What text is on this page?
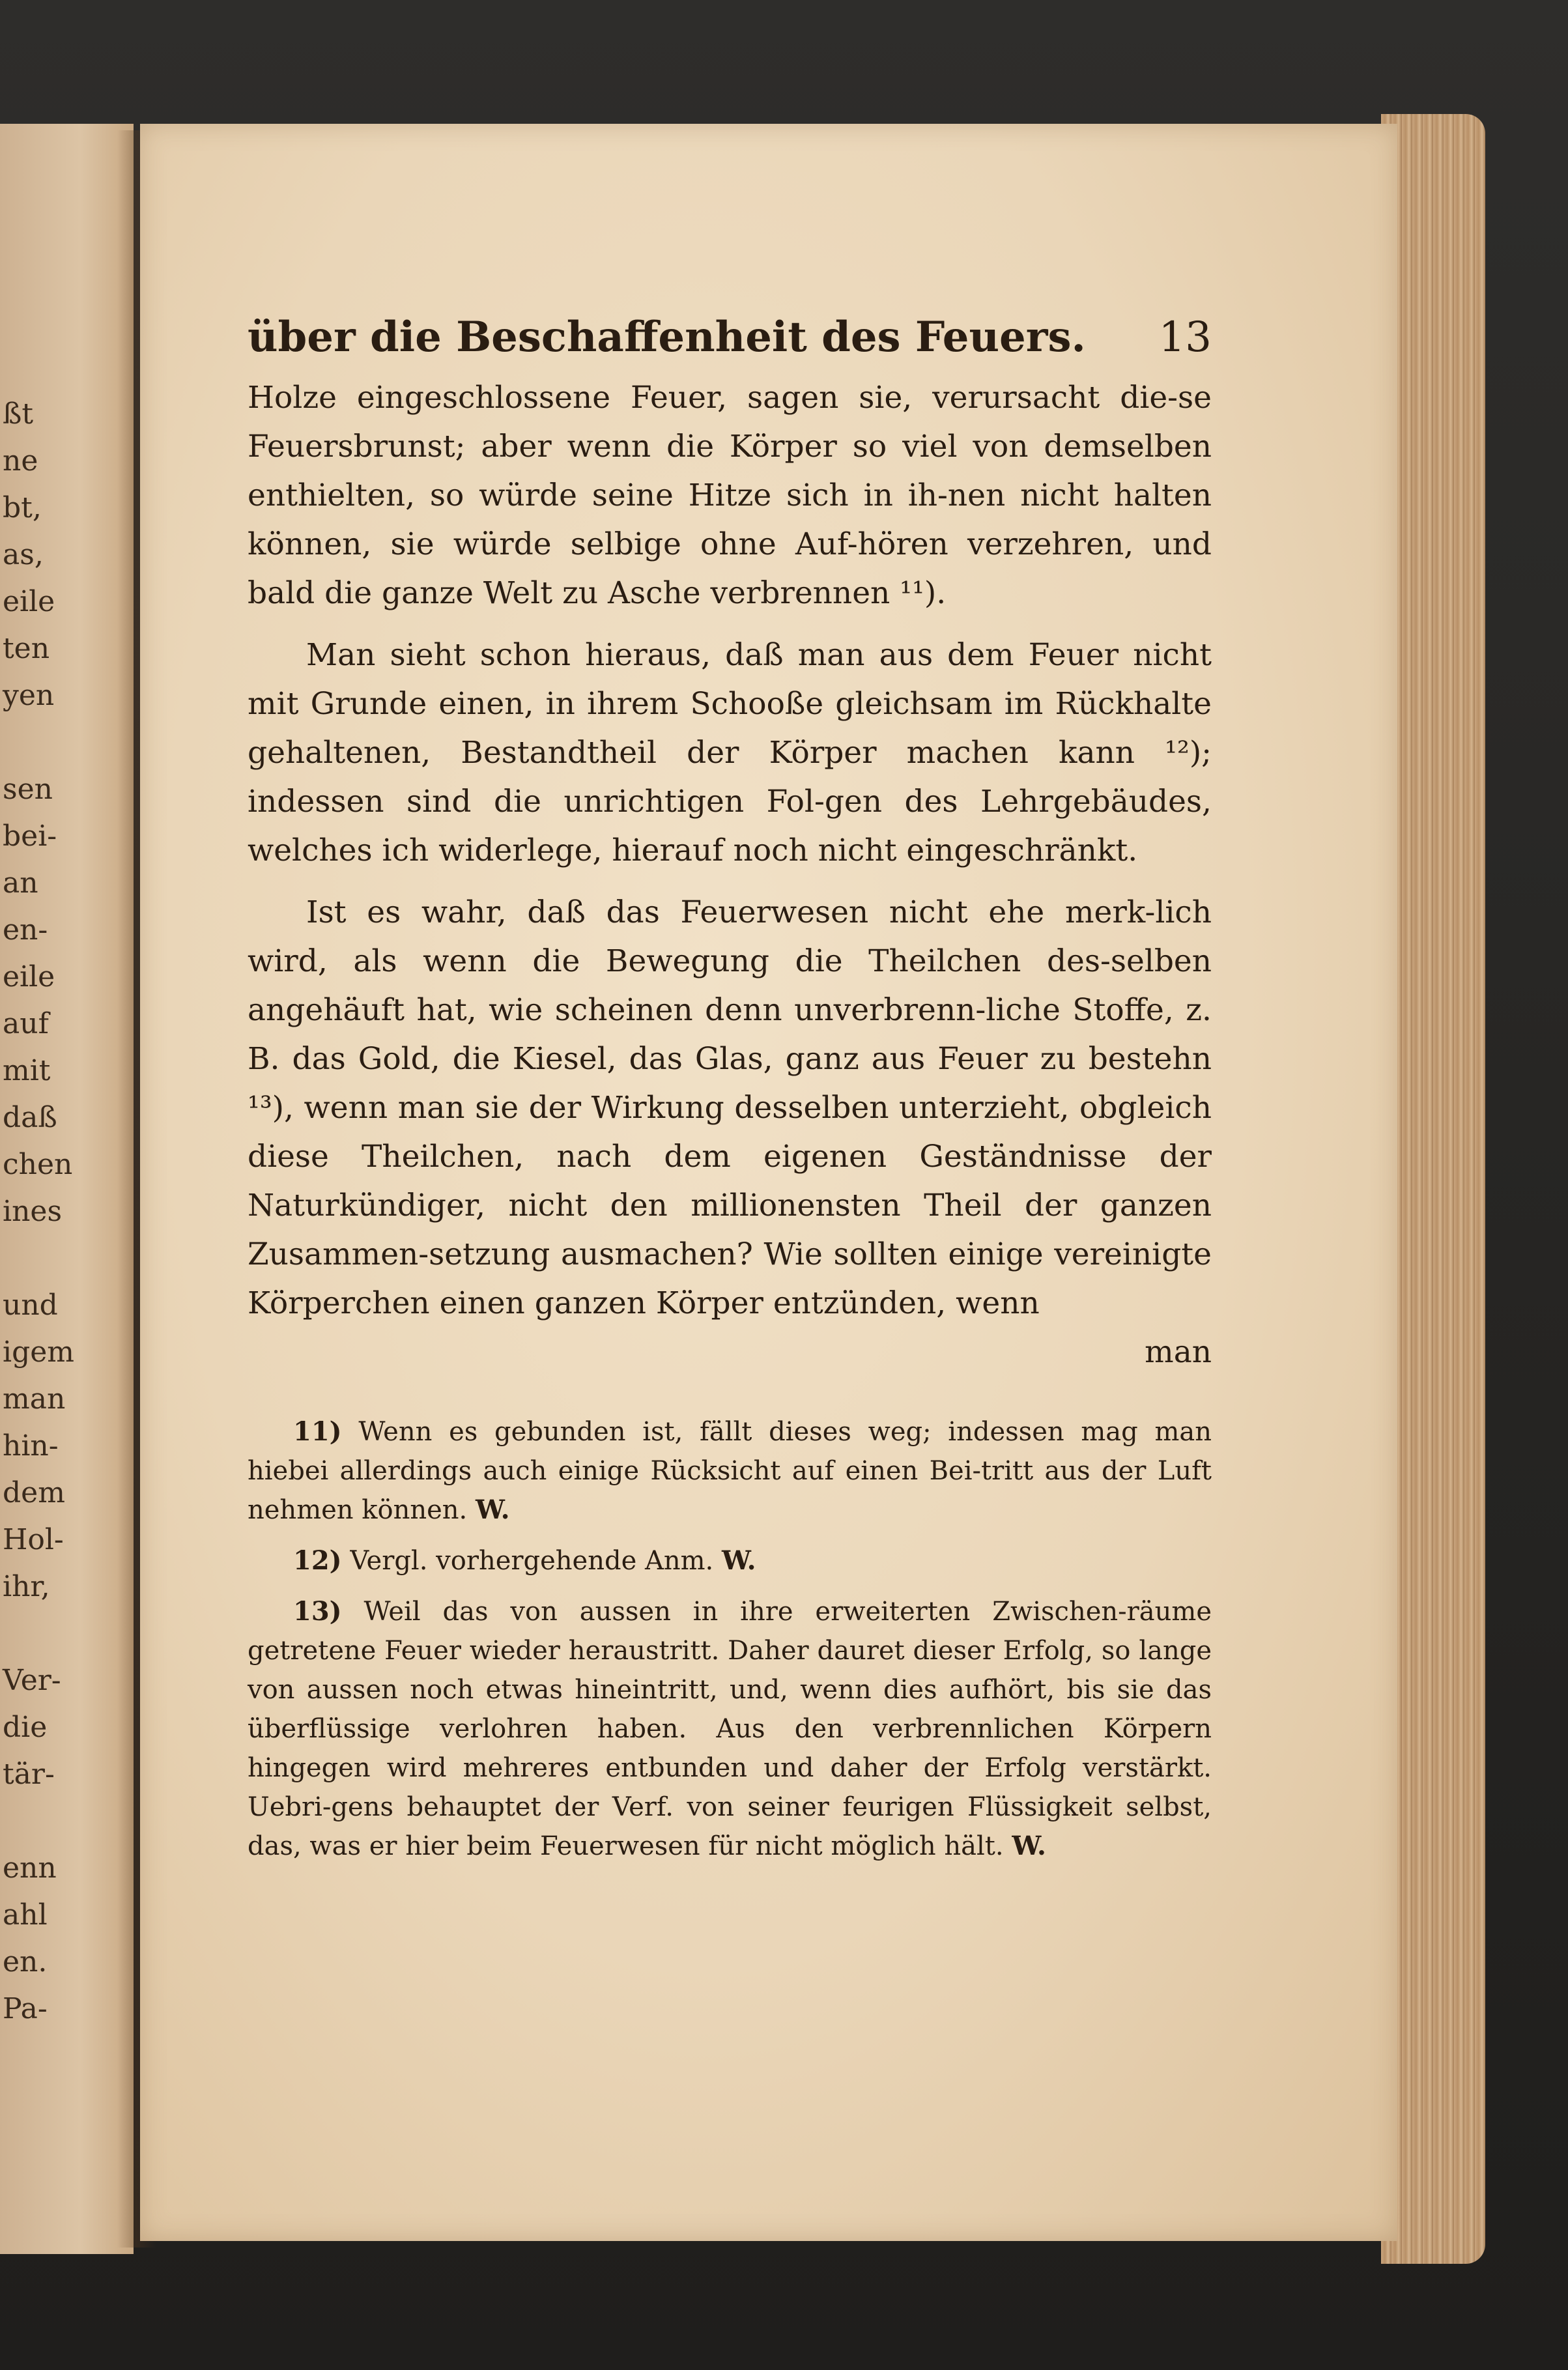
ßt
ne
bt,
as,
eile
ten
yen
sen
bei-
an
en-
eile
auf
mit
daß
chen
ines
und
igem
man
hin-
dem
Hol-
ihr,
Ver-
die
tär-
enn
ahl
en.
Pa-
über die Beschaffenheit des Feuers. 13

Holze eingeschlossene Feuer, sagen sie, verursacht die-se Feuersbrunst; aber wenn die Körper so viel von demselben enthielten, so würde seine Hitze sich in ih-nen nicht halten können, sie würde selbige ohne Auf-hören verzehren, und bald die ganze Welt zu Asche verbrennen ¹¹).

Man sieht schon hieraus, daß man aus dem Feuer nicht mit Grunde einen, in ihrem Schooße gleichsam im Rückhalte gehaltenen, Bestandtheil der Körper machen kann ¹²); indessen sind die unrichtigen Fol-gen des Lehrgebäudes, welches ich widerlege, hierauf noch nicht eingeschränkt.

Ist es wahr, daß das Feuerwesen nicht ehe merk-lich wird, als wenn die Bewegung die Theilchen des-selben angehäuft hat, wie scheinen denn unverbrenn-liche Stoffe, z. B. das Gold, die Kiesel, das Glas, ganz aus Feuer zu bestehn ¹³), wenn man sie der Wirkung desselben unterzieht, obgleich diese Theilchen, nach dem eigenen Geständnisse der Naturkündiger, nicht den millionensten Theil der ganzen Zusammen-setzung ausmachen? Wie sollten einige vereinigte Körperchen einen ganzen Körper entzünden, wenn

man

11) Wenn es gebunden ist, fällt dieses weg; indessen mag man hiebei allerdings auch einige Rücksicht auf einen Bei-tritt aus der Luft nehmen können. W.

12) Vergl. vorhergehende Anm. W.

13) Weil das von aussen in ihre erweiterten Zwischen-räume getretene Feuer wieder heraustritt. Daher dauret dieser Erfolg, so lange von aussen noch etwas hineintritt, und, wenn dies aufhört, bis sie das überflüssige verlohren haben. Aus den verbrennlichen Körpern hingegen wird mehreres entbunden und daher der Erfolg verstärkt. Uebri-gens behauptet der Verf. von seiner feurigen Flüssigkeit selbst, das, was er hier beim Feuerwesen für nicht möglich hält. W.
